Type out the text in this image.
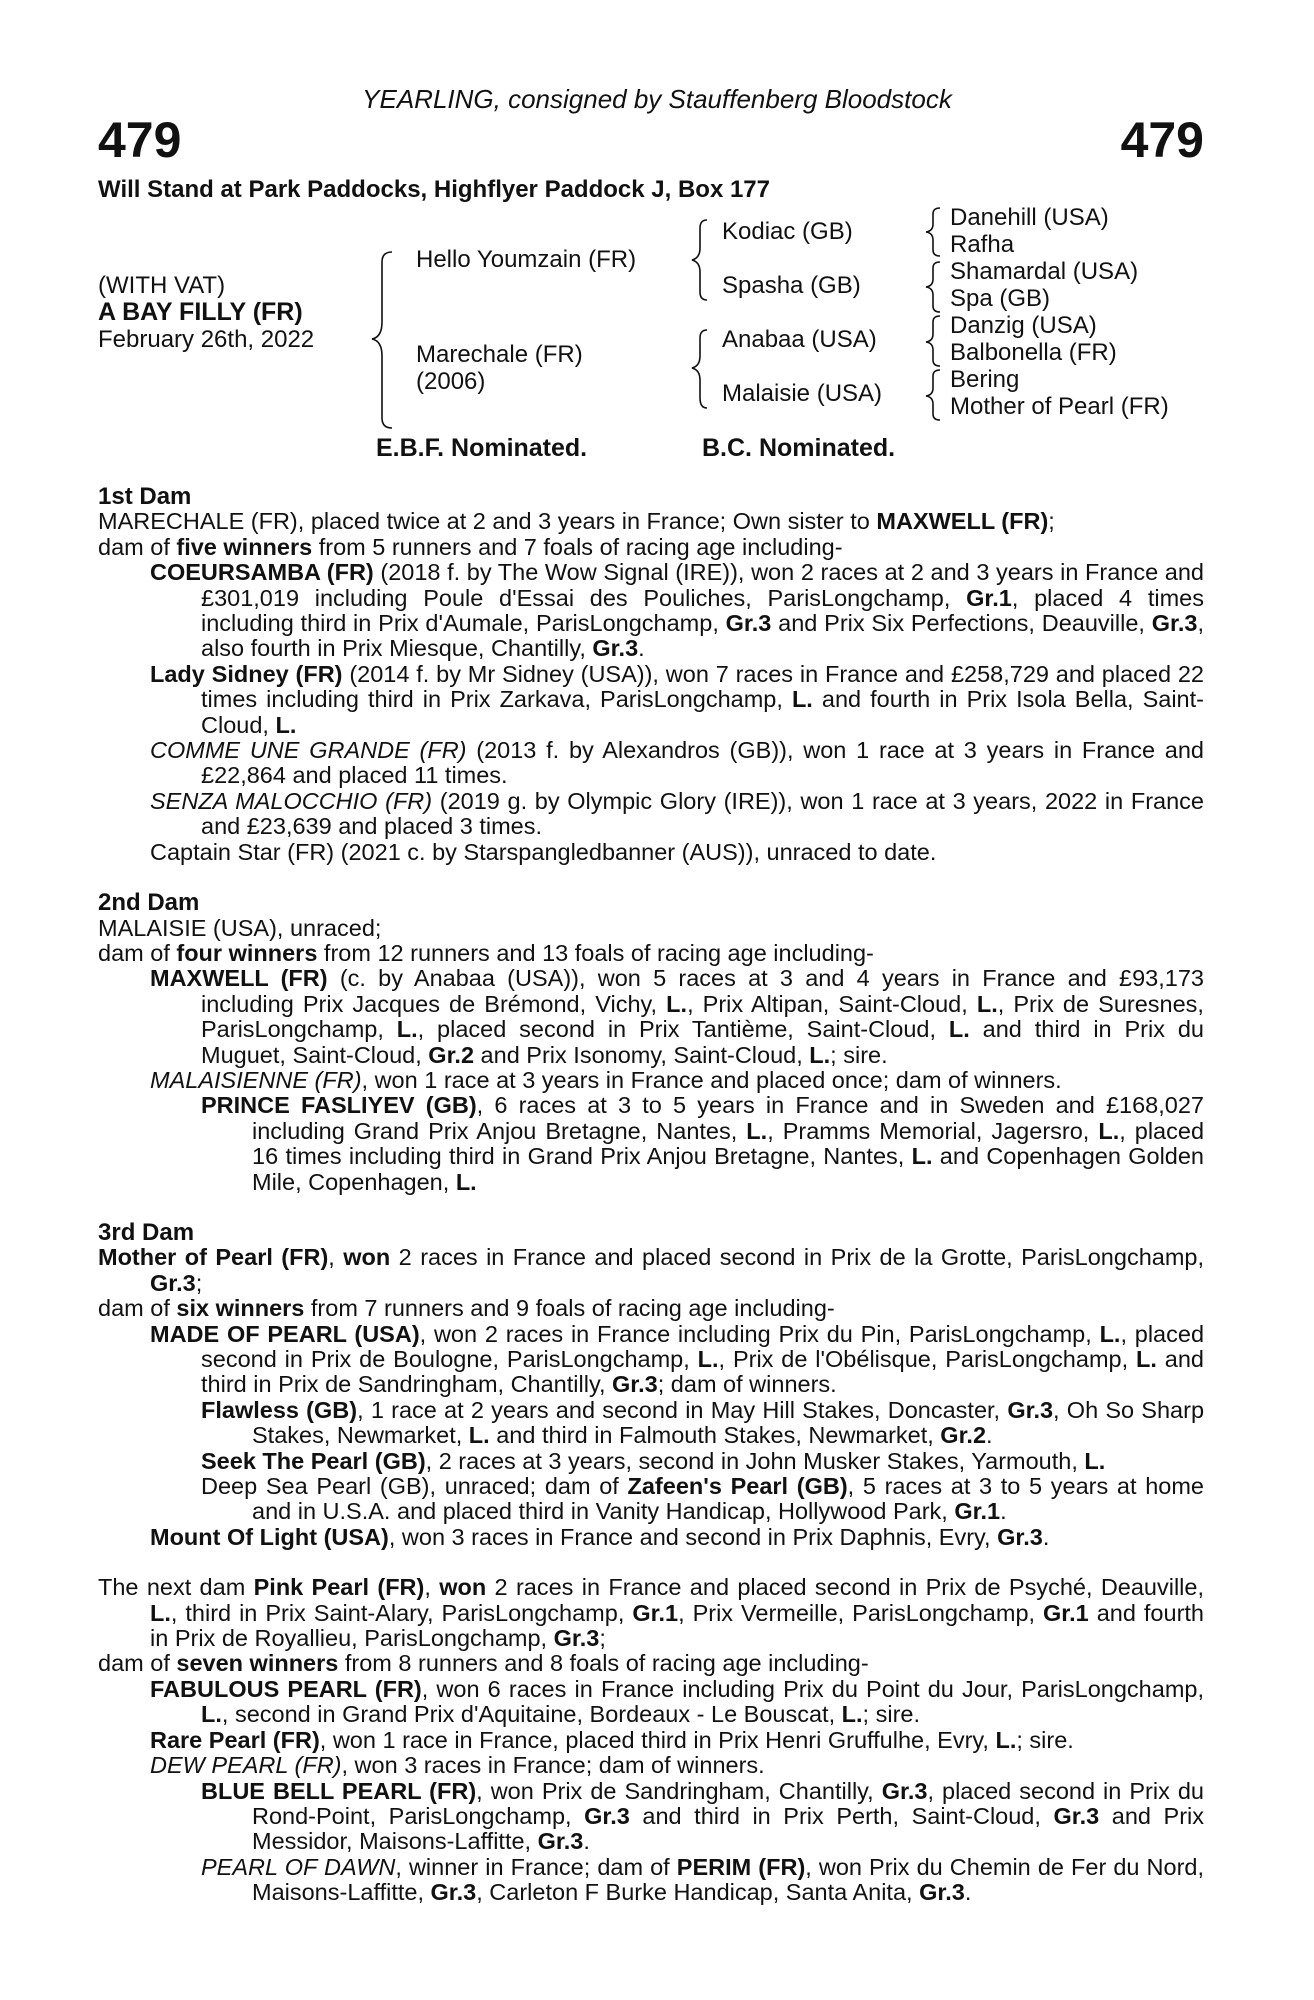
YEARLING, consigned by Stauffenberg Bloodstock
479	479
Will Stand at Park Paddocks, Highflyer Paddock J, Box 177
(WITH VAT)
A BAY FILLY (FR)
February 26th, 2022
Hello Youmzain (FR)
Marechale (FR)
(2006)
Kodiac (GB)
Spasha (GB)
Anabaa (USA)
Malaisie (USA)
Danehill (USA)
Rafha
Shamardal (USA)
Spa (GB)
Danzig (USA)
Balbonella (FR)
Bering
Mother of Pearl (FR)
E.B.F. Nominated.	B.C. Nominated.

1st Dam

MARECHALE (FR), placed twice at 2 and 3 years in France; Own sister to MAXWELL (FR);

dam of five winners from 5 runners and 7 foals of racing age including-

COEURSAMBA (FR) (2018 f. by The Wow Signal (IRE)), won 2 races at 2 and 3 years in France and £301,019 including Poule d'Essai des Pouliches, ParisLongchamp, Gr.1, placed 4 times including third in Prix d'Aumale, ParisLongchamp, Gr.3 and Prix Six Perfections, Deauville, Gr.3, also fourth in Prix Miesque, Chantilly, Gr.3.

Lady Sidney (FR) (2014 f. by Mr Sidney (USA)), won 7 races in France and £258,729 and placed 22 times including third in Prix Zarkava, ParisLongchamp, L. and fourth in Prix Isola Bella, Saint-Cloud, L.

COMME UNE GRANDE (FR) (2013 f. by Alexandros (GB)), won 1 race at 3 years in France and £22,864 and placed 11 times.

SENZA MALOCCHIO (FR) (2019 g. by Olympic Glory (IRE)), won 1 race at 3 years, 2022 in France and £23,639 and placed 3 times.

Captain Star (FR) (2021 c. by Starspangledbanner (AUS)), unraced to date.

2nd Dam

MALAISIE (USA), unraced;

dam of four winners from 12 runners and 13 foals of racing age including-

MAXWELL (FR) (c. by Anabaa (USA)), won 5 races at 3 and 4 years in France and £93,173 including Prix Jacques de Brémond, Vichy, L., Prix Altipan, Saint-Cloud, L., Prix de Suresnes, ParisLongchamp, L., placed second in Prix Tantième, Saint-Cloud, L. and third in Prix du Muguet, Saint-Cloud, Gr.2 and Prix Isonomy, Saint-Cloud, L.; sire.

MALAISIENNE (FR), won 1 race at 3 years in France and placed once; dam of winners.

PRINCE FASLIYEV (GB), 6 races at 3 to 5 years in France and in Sweden and £168,027 including Grand Prix Anjou Bretagne, Nantes, L., Pramms Memorial, Jagersro, L., placed 16 times including third in Grand Prix Anjou Bretagne, Nantes, L. and Copenhagen Golden Mile, Copenhagen, L.

3rd Dam

Mother of Pearl (FR), won 2 races in France and placed second in Prix de la Grotte, ParisLongchamp, Gr.3;

dam of six winners from 7 runners and 9 foals of racing age including-

MADE OF PEARL (USA), won 2 races in France including Prix du Pin, ParisLongchamp, L., placed second in Prix de Boulogne, ParisLongchamp, L., Prix de l'Obélisque, ParisLongchamp, L. and third in Prix de Sandringham, Chantilly, Gr.3; dam of winners.

Flawless (GB), 1 race at 2 years and second in May Hill Stakes, Doncaster, Gr.3, Oh So Sharp Stakes, Newmarket, L. and third in Falmouth Stakes, Newmarket, Gr.2.

Seek The Pearl (GB), 2 races at 3 years, second in John Musker Stakes, Yarmouth, L.

Deep Sea Pearl (GB), unraced; dam of Zafeen's Pearl (GB), 5 races at 3 to 5 years at home and in U.S.A. and placed third in Vanity Handicap, Hollywood Park, Gr.1.

Mount Of Light (USA), won 3 races in France and second in Prix Daphnis, Evry, Gr.3.

The next dam Pink Pearl (FR), won 2 races in France and placed second in Prix de Psyché, Deauville, L., third in Prix Saint-Alary, ParisLongchamp, Gr.1, Prix Vermeille, ParisLongchamp, Gr.1 and fourth in Prix de Royallieu, ParisLongchamp, Gr.3;

dam of seven winners from 8 runners and 8 foals of racing age including-

FABULOUS PEARL (FR), won 6 races in France including Prix du Point du Jour, ParisLongchamp, L., second in Grand Prix d'Aquitaine, Bordeaux - Le Bouscat, L.; sire.

Rare Pearl (FR), won 1 race in France, placed third in Prix Henri Gruffulhe, Evry, L.; sire.

DEW PEARL (FR), won 3 races in France; dam of winners.

BLUE BELL PEARL (FR), won Prix de Sandringham, Chantilly, Gr.3, placed second in Prix du Rond-Point, ParisLongchamp, Gr.3 and third in Prix Perth, Saint-Cloud, Gr.3 and Prix Messidor, Maisons-Laffitte, Gr.3.

PEARL OF DAWN, winner in France; dam of PERIM (FR), won Prix du Chemin de Fer du Nord, Maisons-Laffitte, Gr.3, Carleton F Burke Handicap, Santa Anita, Gr.3.
